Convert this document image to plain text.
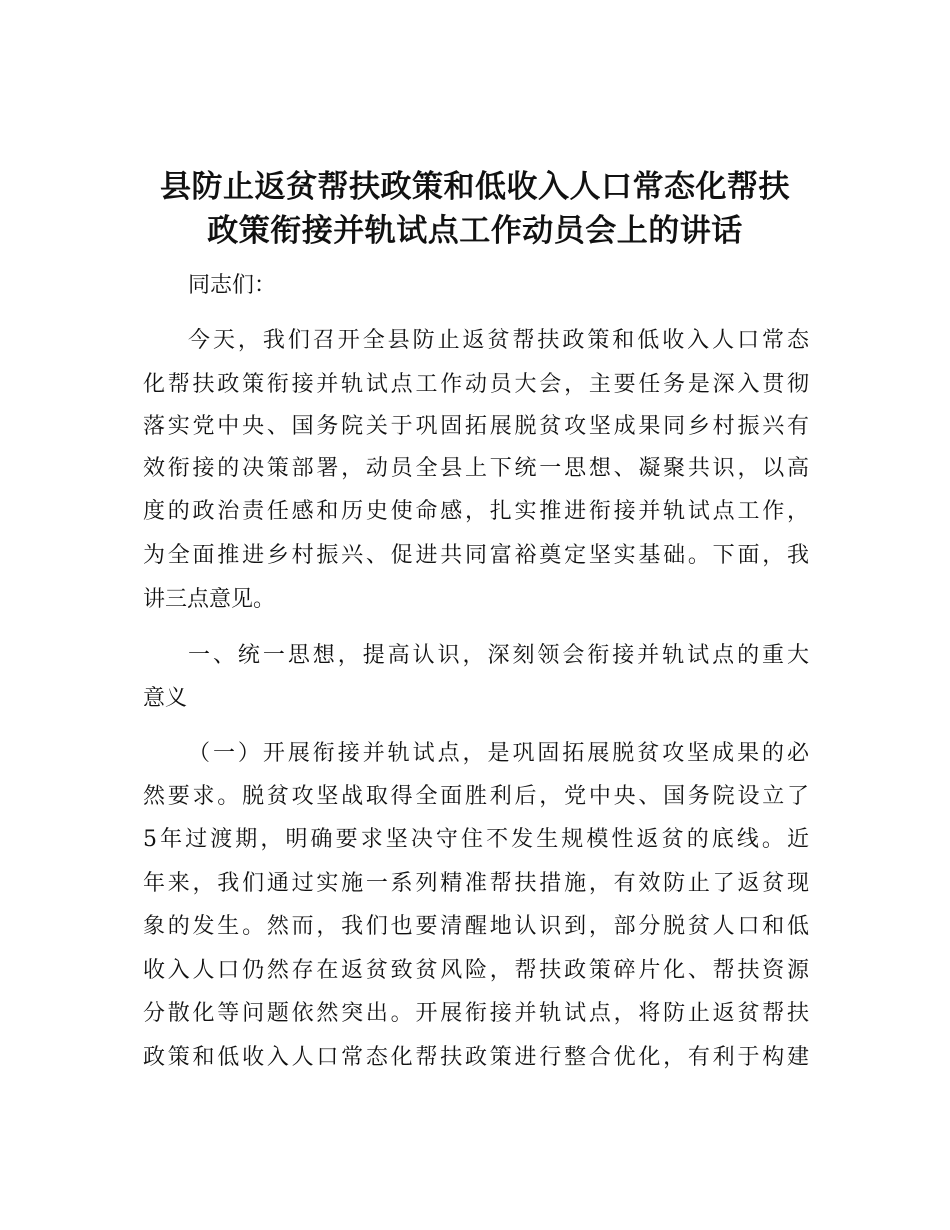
县防止返贫帮扶政策和低收入人口常态化帮扶
政策衔接并轨试点工作动员会上的讲话

同志们：

今天，我们召开全县防止返贫帮扶政策和低收入人口常态

化帮扶政策衔接并轨试点工作动员大会，主要任务是深入贯彻

落实党中央、国务院关于巩固拓展脱贫攻坚成果同乡村振兴有

效衔接的决策部署，动员全县上下统一思想、凝聚共识，以高

度的政治责任感和历史使命感，扎实推进衔接并轨试点工作，

为全面推进乡村振兴、促进共同富裕奠定坚实基础。下面，我

讲三点意见。

一、统一思想，提高认识，深刻领会衔接并轨试点的重大

意义

（一）开展衔接并轨试点，是巩固拓展脱贫攻坚成果的必

然要求。脱贫攻坚战取得全面胜利后，党中央、国务院设立了

5年过渡期，明确要求坚决守住不发生规模性返贫的底线。近

年来，我们通过实施一系列精准帮扶措施，有效防止了返贫现

象的发生。然而，我们也要清醒地认识到，部分脱贫人口和低

收入人口仍然存在返贫致贫风险，帮扶政策碎片化、帮扶资源

分散化等问题依然突出。开展衔接并轨试点，将防止返贫帮扶

政策和低收入人口常态化帮扶政策进行整合优化，有利于构建
